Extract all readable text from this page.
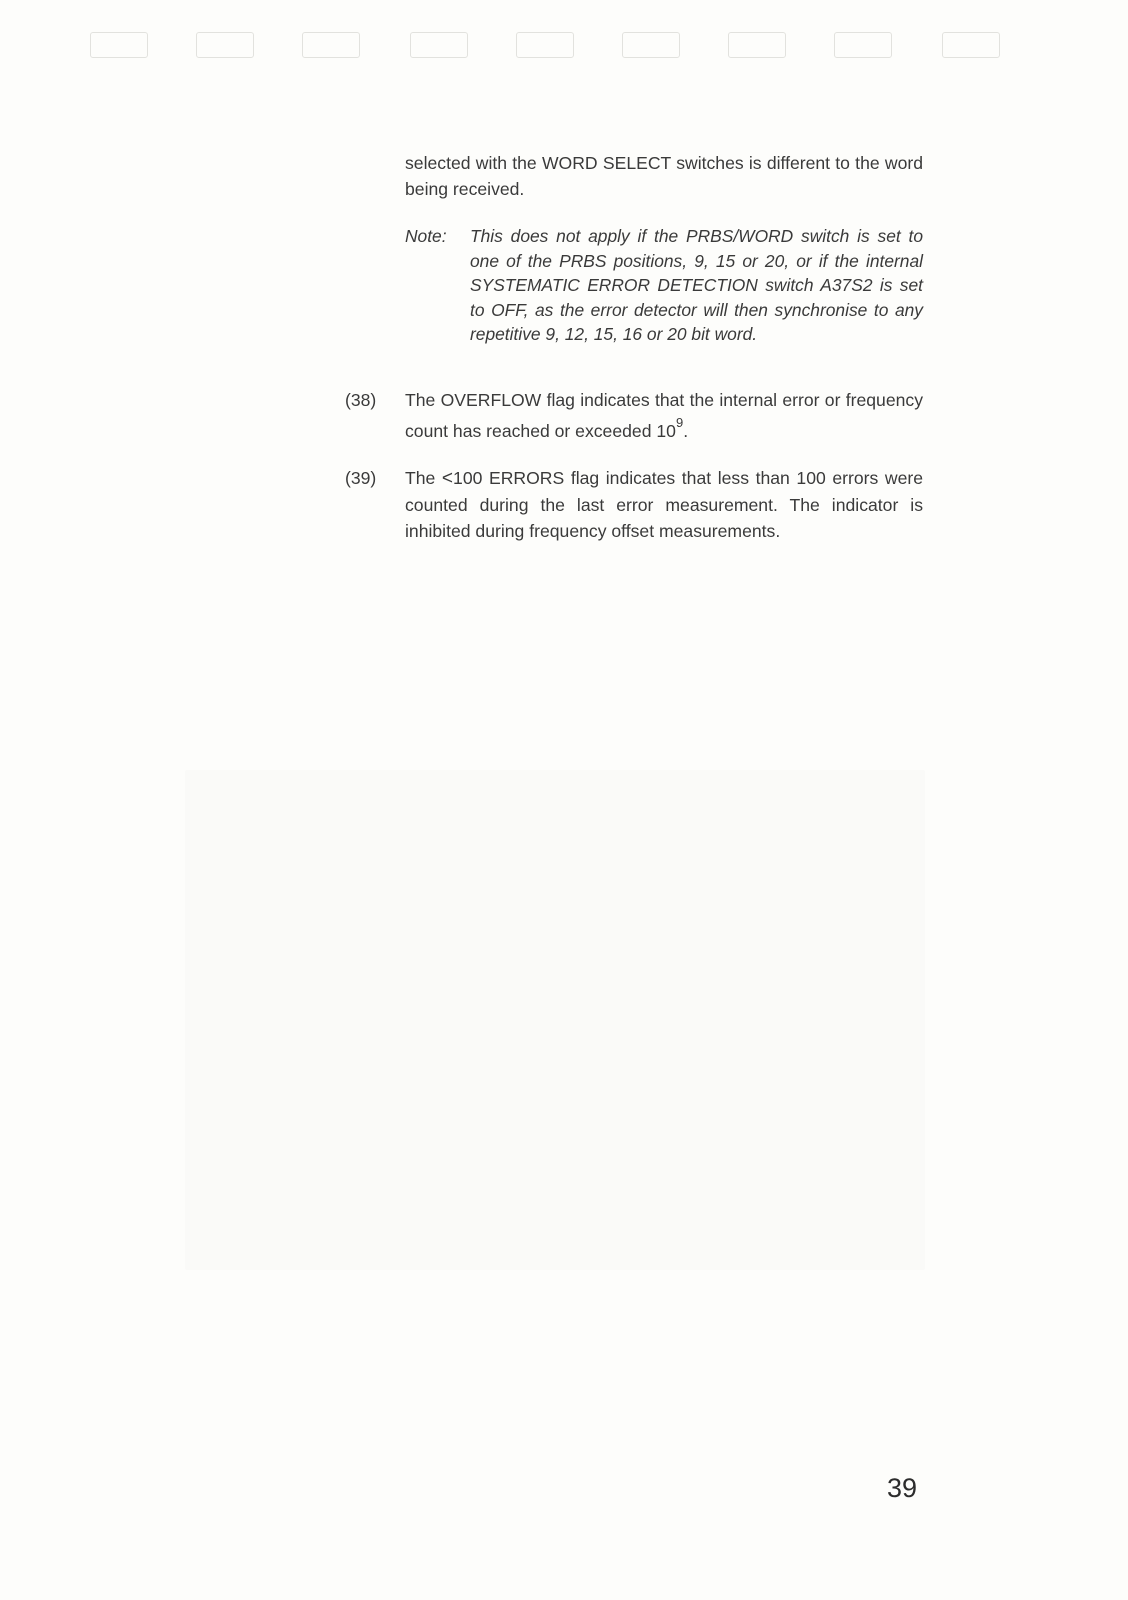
selected with the WORD SELECT switches is different to the word being received.

Note: This does not apply if the PRBS/WORD switch is set to one of the PRBS positions, 9, 15 or 20, or if the internal SYSTEMATIC ERROR DETECTION switch A37S2 is set to OFF, as the error detector will then synchronise to any repetitive 9, 12, 15, 16 or 20 bit word.
(38) The OVERFLOW flag indicates that the internal error or frequency count has reached or exceeded $10^9$.
(39) The <100 ERRORS flag indicates that less than 100 errors were counted during the last error measurement. The indicator is inhibited during frequency offset measurements.
39
